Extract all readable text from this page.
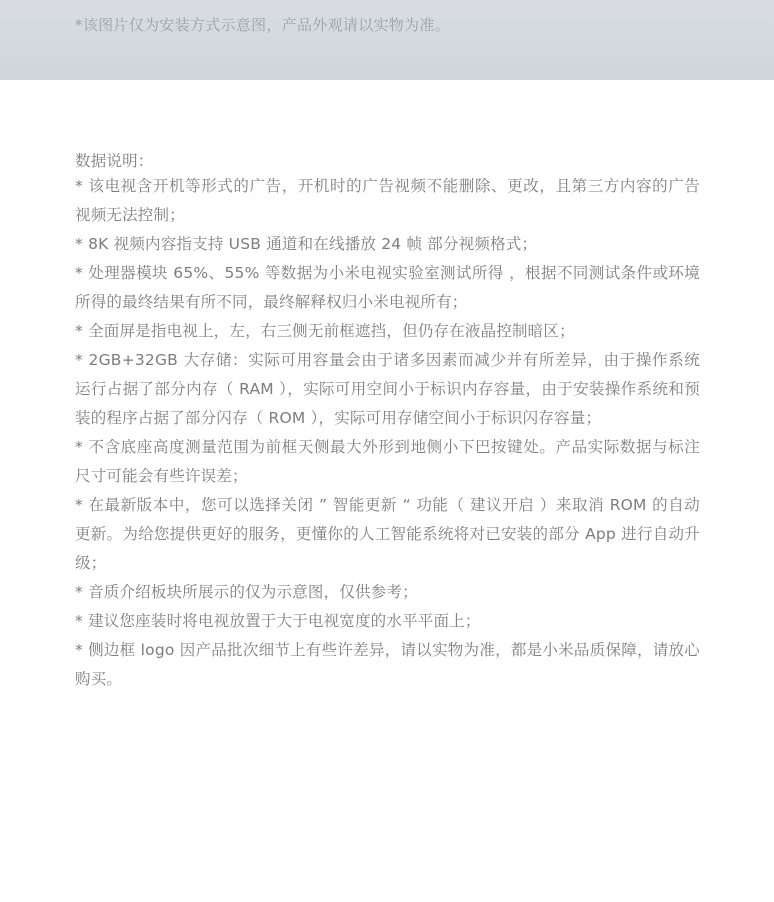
*该图片仅为安装方式示意图，产品外观请以实物为准。
数据说明：
* 该电视含开机等形式的广告，开机时的广告视频不能删除、更改，且第三方内容的广告视频无法控制；
* 8K 视频内容指支持 USB 通道和在线播放 24 帧 部分视频格式；
* 处理器模块 65%、55% 等数据为小米电视实验室测试所得 ，根据不同测试条件或环境所得的最终结果有所不同，最终解释权归小米电视所有；
* 全面屏是指电视上，左，右三侧无前框遮挡，但仍存在液晶控制暗区；
* 2GB+32GB 大存储：实际可用容量会由于诸多因素而减少并有所差异，由于操作系统运行占据了部分内存（ RAM ），实际可用空间小于标识内存容量，由于安装操作系统和预装的程序占据了部分闪存（ ROM ），实际可用存储空间小于标识闪存容量；
* 不含底座高度测量范围为前框天侧最大外形到地侧小下巴按键处。产品实际数据与标注尺寸可能会有些许误差；
* 在最新版本中，您可以选择关闭 ” 智能更新 “ 功能（ 建议开启 ）来取消 ROM 的自动更新。为给您提供更好的服务，更懂你的人工智能系统将对已安装的部分 App 进行自动升级；
* 音质介绍板块所展示的仅为示意图，仅供参考；
* 建议您座装时将电视放置于大于电视宽度的水平平面上；
* 侧边框 logo 因产品批次细节上有些许差异，请以实物为准，都是小米品质保障，请放心购买。
